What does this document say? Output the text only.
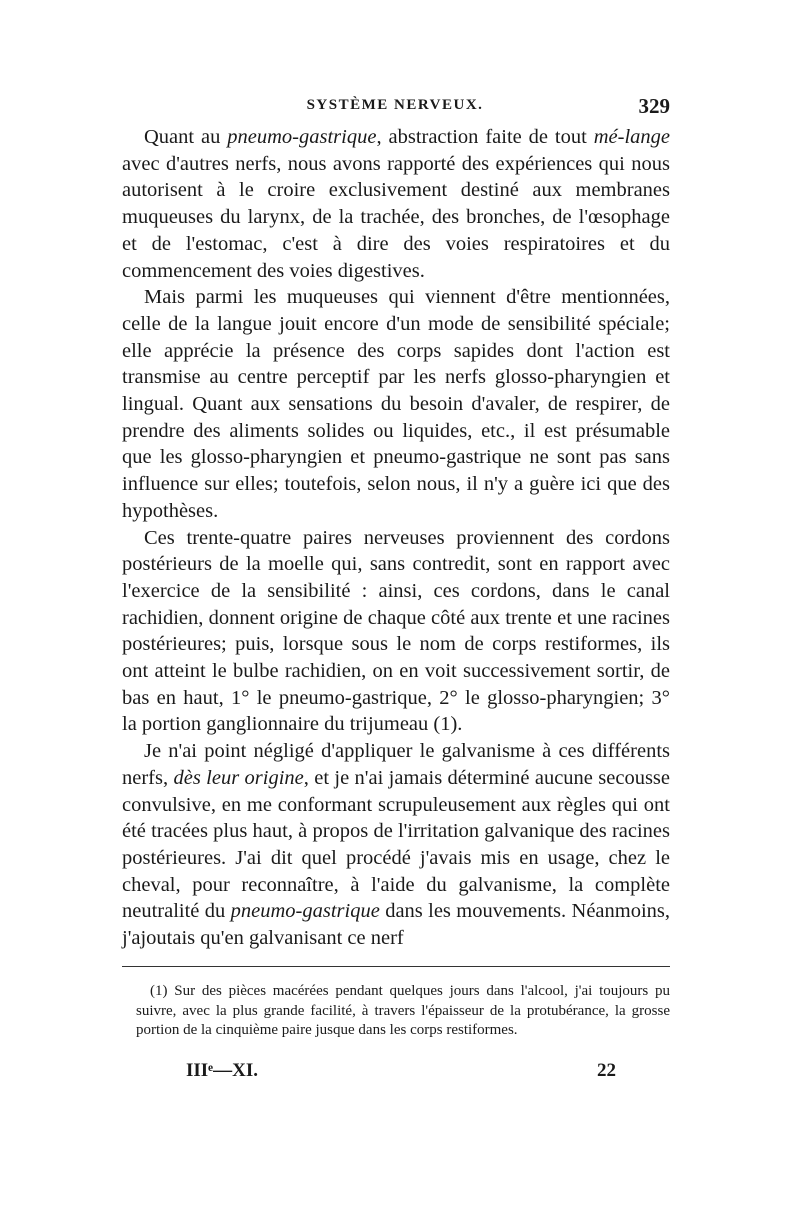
SYSTÈME NERVEUX.	329

Quant au pneumo-gastrique, abstraction faite de tout mé-lange avec d'autres nerfs, nous avons rapporté des expériences qui nous autorisent à le croire exclusivement destiné aux membranes muqueuses du larynx, de la trachée, des bronches, de l'œsophage et de l'estomac, c'est à dire des voies respiratoires et du commencement des voies digestives.

Mais parmi les muqueuses qui viennent d'être mentionnées, celle de la langue jouit encore d'un mode de sensibilité spéciale; elle apprécie la présence des corps sapides dont l'action est transmise au centre perceptif par les nerfs glosso-pharyngien et lingual. Quant aux sensations du besoin d'avaler, de respirer, de prendre des aliments solides ou liquides, etc., il est présumable que les glosso-pharyngien et pneumo-gastrique ne sont pas sans influence sur elles; toutefois, selon nous, il n'y a guère ici que des hypothèses.

Ces trente-quatre paires nerveuses proviennent des cordons postérieurs de la moelle qui, sans contredit, sont en rapport avec l'exercice de la sensibilité : ainsi, ces cordons, dans le canal rachidien, donnent origine de chaque côté aux trente et une racines postérieures; puis, lorsque sous le nom de corps restiformes, ils ont atteint le bulbe rachidien, on en voit successivement sortir, de bas en haut, 1° le pneumo-gastrique, 2° le glosso-pharyngien; 3° la portion ganglionnaire du trijumeau (1).

Je n'ai point négligé d'appliquer le galvanisme à ces différents nerfs, dès leur origine, et je n'ai jamais déterminé aucune secousse convulsive, en me conformant scrupuleusement aux règles qui ont été tracées plus haut, à propos de l'irritation galvanique des racines postérieures. J'ai dit quel procédé j'avais mis en usage, chez le cheval, pour reconnaître, à l'aide du galvanisme, la complète neutralité du pneumo-gastrique dans les mouvements. Néanmoins, j'ajoutais qu'en galvanisant ce nerf

(1) Sur des pièces macérées pendant quelques jours dans l'alcool, j'ai toujours pu suivre, avec la plus grande facilité, à travers l'épaisseur de la protubérance, la grosse portion de la cinquième paire jusque dans les corps restiformes.

IIIᵉ—XI.	22
